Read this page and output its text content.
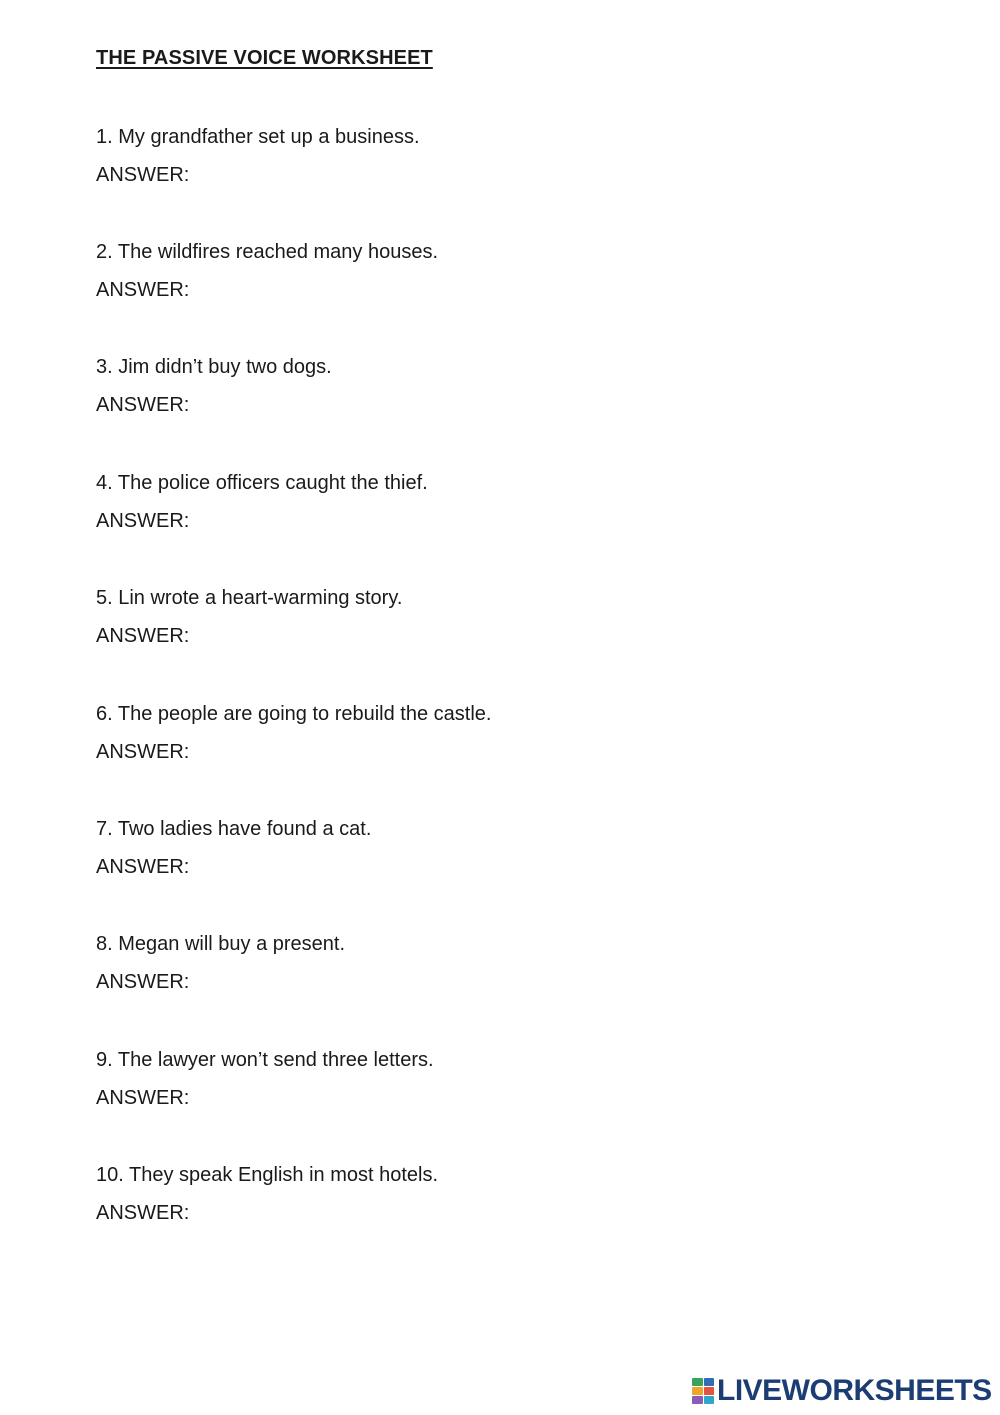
THE PASSIVE VOICE WORKSHEET
1. My grandfather set up a business.
ANSWER:
2. The wildfires reached many houses.
ANSWER:
3. Jim didn’t buy two dogs.
ANSWER:
4. The police officers caught the thief.
ANSWER:
5. Lin wrote a heart-warming story.
ANSWER:
6. The people are going to rebuild the castle.
ANSWER:
7. Two ladies have found a cat.
ANSWER:
8. Megan will buy a present.
ANSWER:
9. The lawyer won’t send three letters.
ANSWER:
10. They speak English in most hotels.
ANSWER:
LIVEWORKSHEETS
